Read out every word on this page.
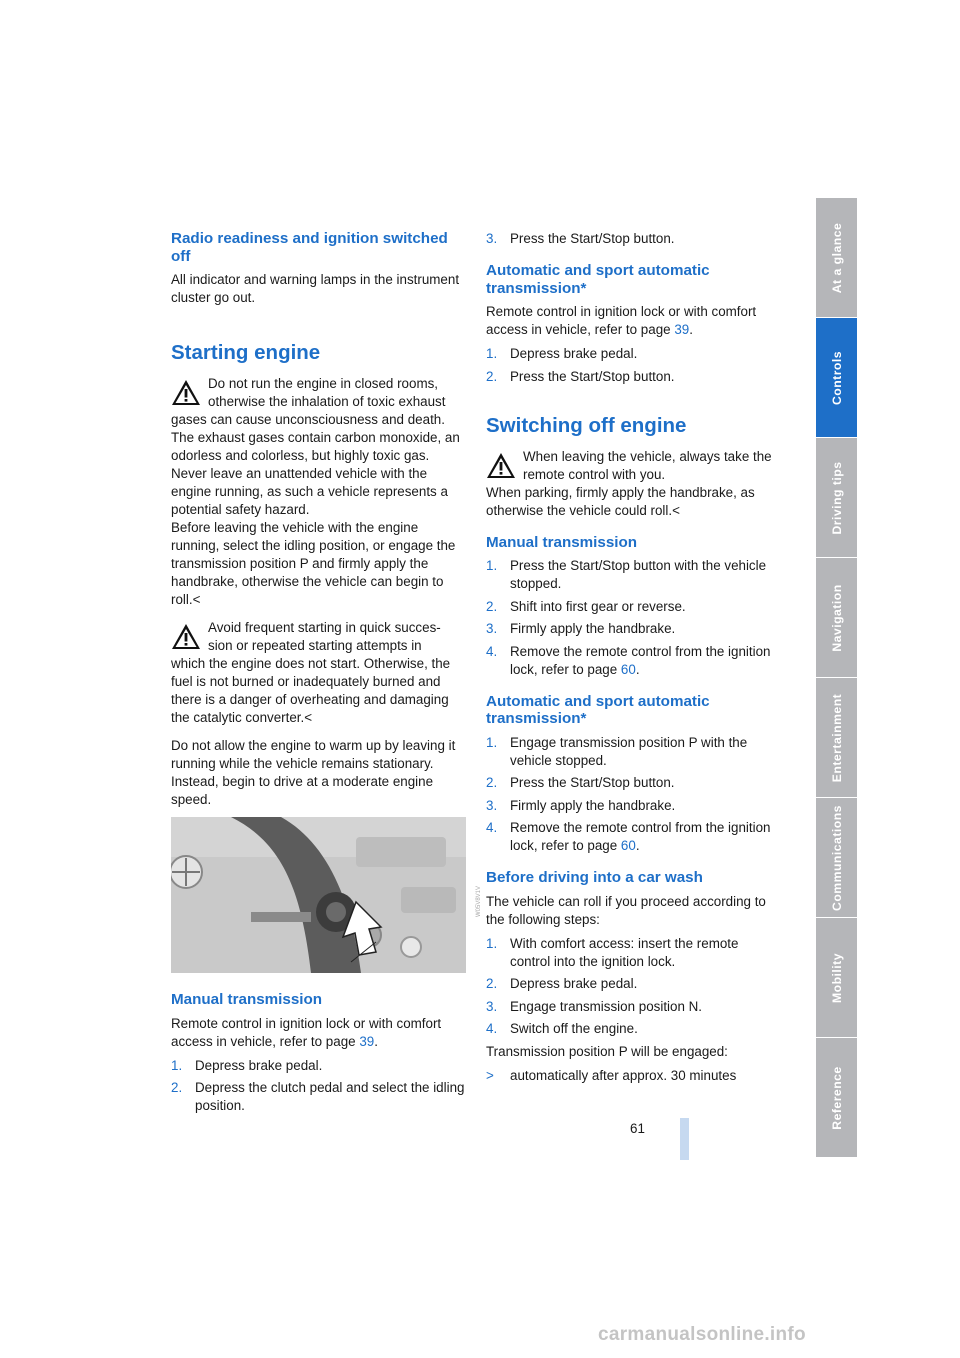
Radio readiness and ignition switched off

All indicator and warning lamps in the instrument cluster go out.

Starting engine
Do not run the engine in closed rooms,
otherwise the inhalation of toxic exhaust
gases can cause unconsciousness and death. The exhaust gases contain carbon monoxide, an odorless and colorless, but highly toxic gas. Never leave an unattended vehicle with the engine running, as such a vehicle represents a potential safety hazard.
Before leaving the vehicle with the engine running, select the idling position, or engage the transmission position P and firmly apply the handbrake, otherwise the vehicle can begin to roll.<
Avoid frequent starting in quick succes-
sion or repeated starting attempts in
which the engine does not start. Otherwise, the fuel is not burned or inadequately burned and there is a danger of overheating and damaging the catalytic converter.<

Do not allow the engine to warm up by leaving it running while the vehicle remains stationary. Instead, begin to drive at a moderate engine speed.

W05V8V1V
Manual transmission

Remote control in ignition lock or with comfort access in vehicle, refer to page 39.

1. Depress brake pedal.
2. Depress the clutch pedal and select the idling position.
3. Press the Start/Stop button.
Automatic and sport automatic transmission*

Remote control in ignition lock or with comfort access in vehicle, refer to page 39.

1. Depress brake pedal.
2. Press the Start/Stop button.
Switching off engine
When leaving the vehicle, always take the
remote control with you.
When parking, firmly apply the handbrake, as otherwise the vehicle could roll.<
Manual transmission
1. Press the Start/Stop button with the vehicle stopped.
2. Shift into first gear or reverse.
3. Firmly apply the handbrake.
4. Remove the remote control from the ignition lock, refer to page 60.
Automatic and sport automatic transmission*
1. Engage transmission position P with the vehicle stopped.
2. Press the Start/Stop button.
3. Firmly apply the handbrake.
4. Remove the remote control from the ignition lock, refer to page 60.
Before driving into a car wash

The vehicle can roll if you proceed according to the following steps:

1. With comfort access: insert the remote control into the ignition lock.
2. Depress brake pedal.
3. Engage transmission position N.
4. Switch off the engine.

Transmission position P will be engaged:

> automatically after approx. 30 minutes
At a glance
Controls
Driving tips
Navigation
Entertainment
Communications
Mobility
Reference
61
carmanualsonline.info
